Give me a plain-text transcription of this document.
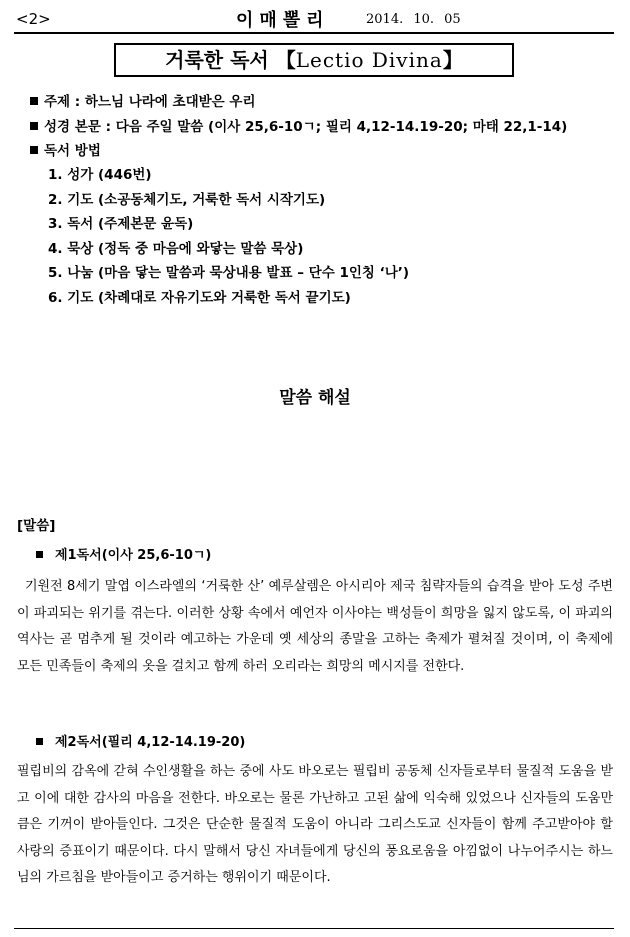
<2>	이매뽈리	2014. 10. 05
거룩한 독서 【Lectio Divina】
주제 : 하느님 나라에 초대받은 우리
성경 본문 : 다음 주일 말씀 (이사 25,6-10ㄱ; 필리 4,12-14.19-20; 마태 22,1-14)
독서 방법
1. 성가 (446번)
2. 기도 (소공동체기도, 거룩한 독서 시작기도)
3. 독서 (주제본문 윤독)
4. 묵상 (정독 중 마음에 와닿는 말씀 묵상)
5. 나눔 (마음 닿는 말씀과 묵상내용 발표 – 단수 1인칭 ‘나’)
6. 기도 (차례대로 자유기도와 거룩한 독서 끝기도)
말씀 해설
[말씀]
제1독서(이사 25,6-10ㄱ)
기원전 8세기 말엽 이스라엘의 ‘거룩한 산’ 예루살렘은 아시리아 제국 침략자들의 습격을 받아 도성 주변이 파괴되는 위기를 겪는다. 이러한 상황 속에서 예언자 이사야는 백성들이 희망을 잃지 않도록, 이 파괴의 역사는 곧 멈추게 될 것이라 예고하는 가운데 옛 세상의 종말을 고하는 축제가 펼쳐질 것이며, 이 축제에 모든 민족들이 축제의 옷을 걸치고 함께 하러 오리라는 희망의 메시지를 전한다.
제2독서(필리 4,12-14.19-20)
필립비의 감옥에 갇혀 수인생활을 하는 중에 사도 바오로는 필립비 공동체 신자들로부터 물질적 도움을 받고 이에 대한 감사의 마음을 전한다. 바오로는 물론 가난하고 고된 삶에 익숙해 있었으나 신자들의 도움만큼은 기꺼이 받아들인다. 그것은 단순한 물질적 도움이 아니라 그리스도교 신자들이 함께 주고받아야 할 사랑의 증표이기 때문이다. 다시 말해서 당신 자녀들에게 당신의 풍요로움을 아낌없이 나누어주시는 하느님의 가르침을 받아들이고 증거하는 행위이기 때문이다.
